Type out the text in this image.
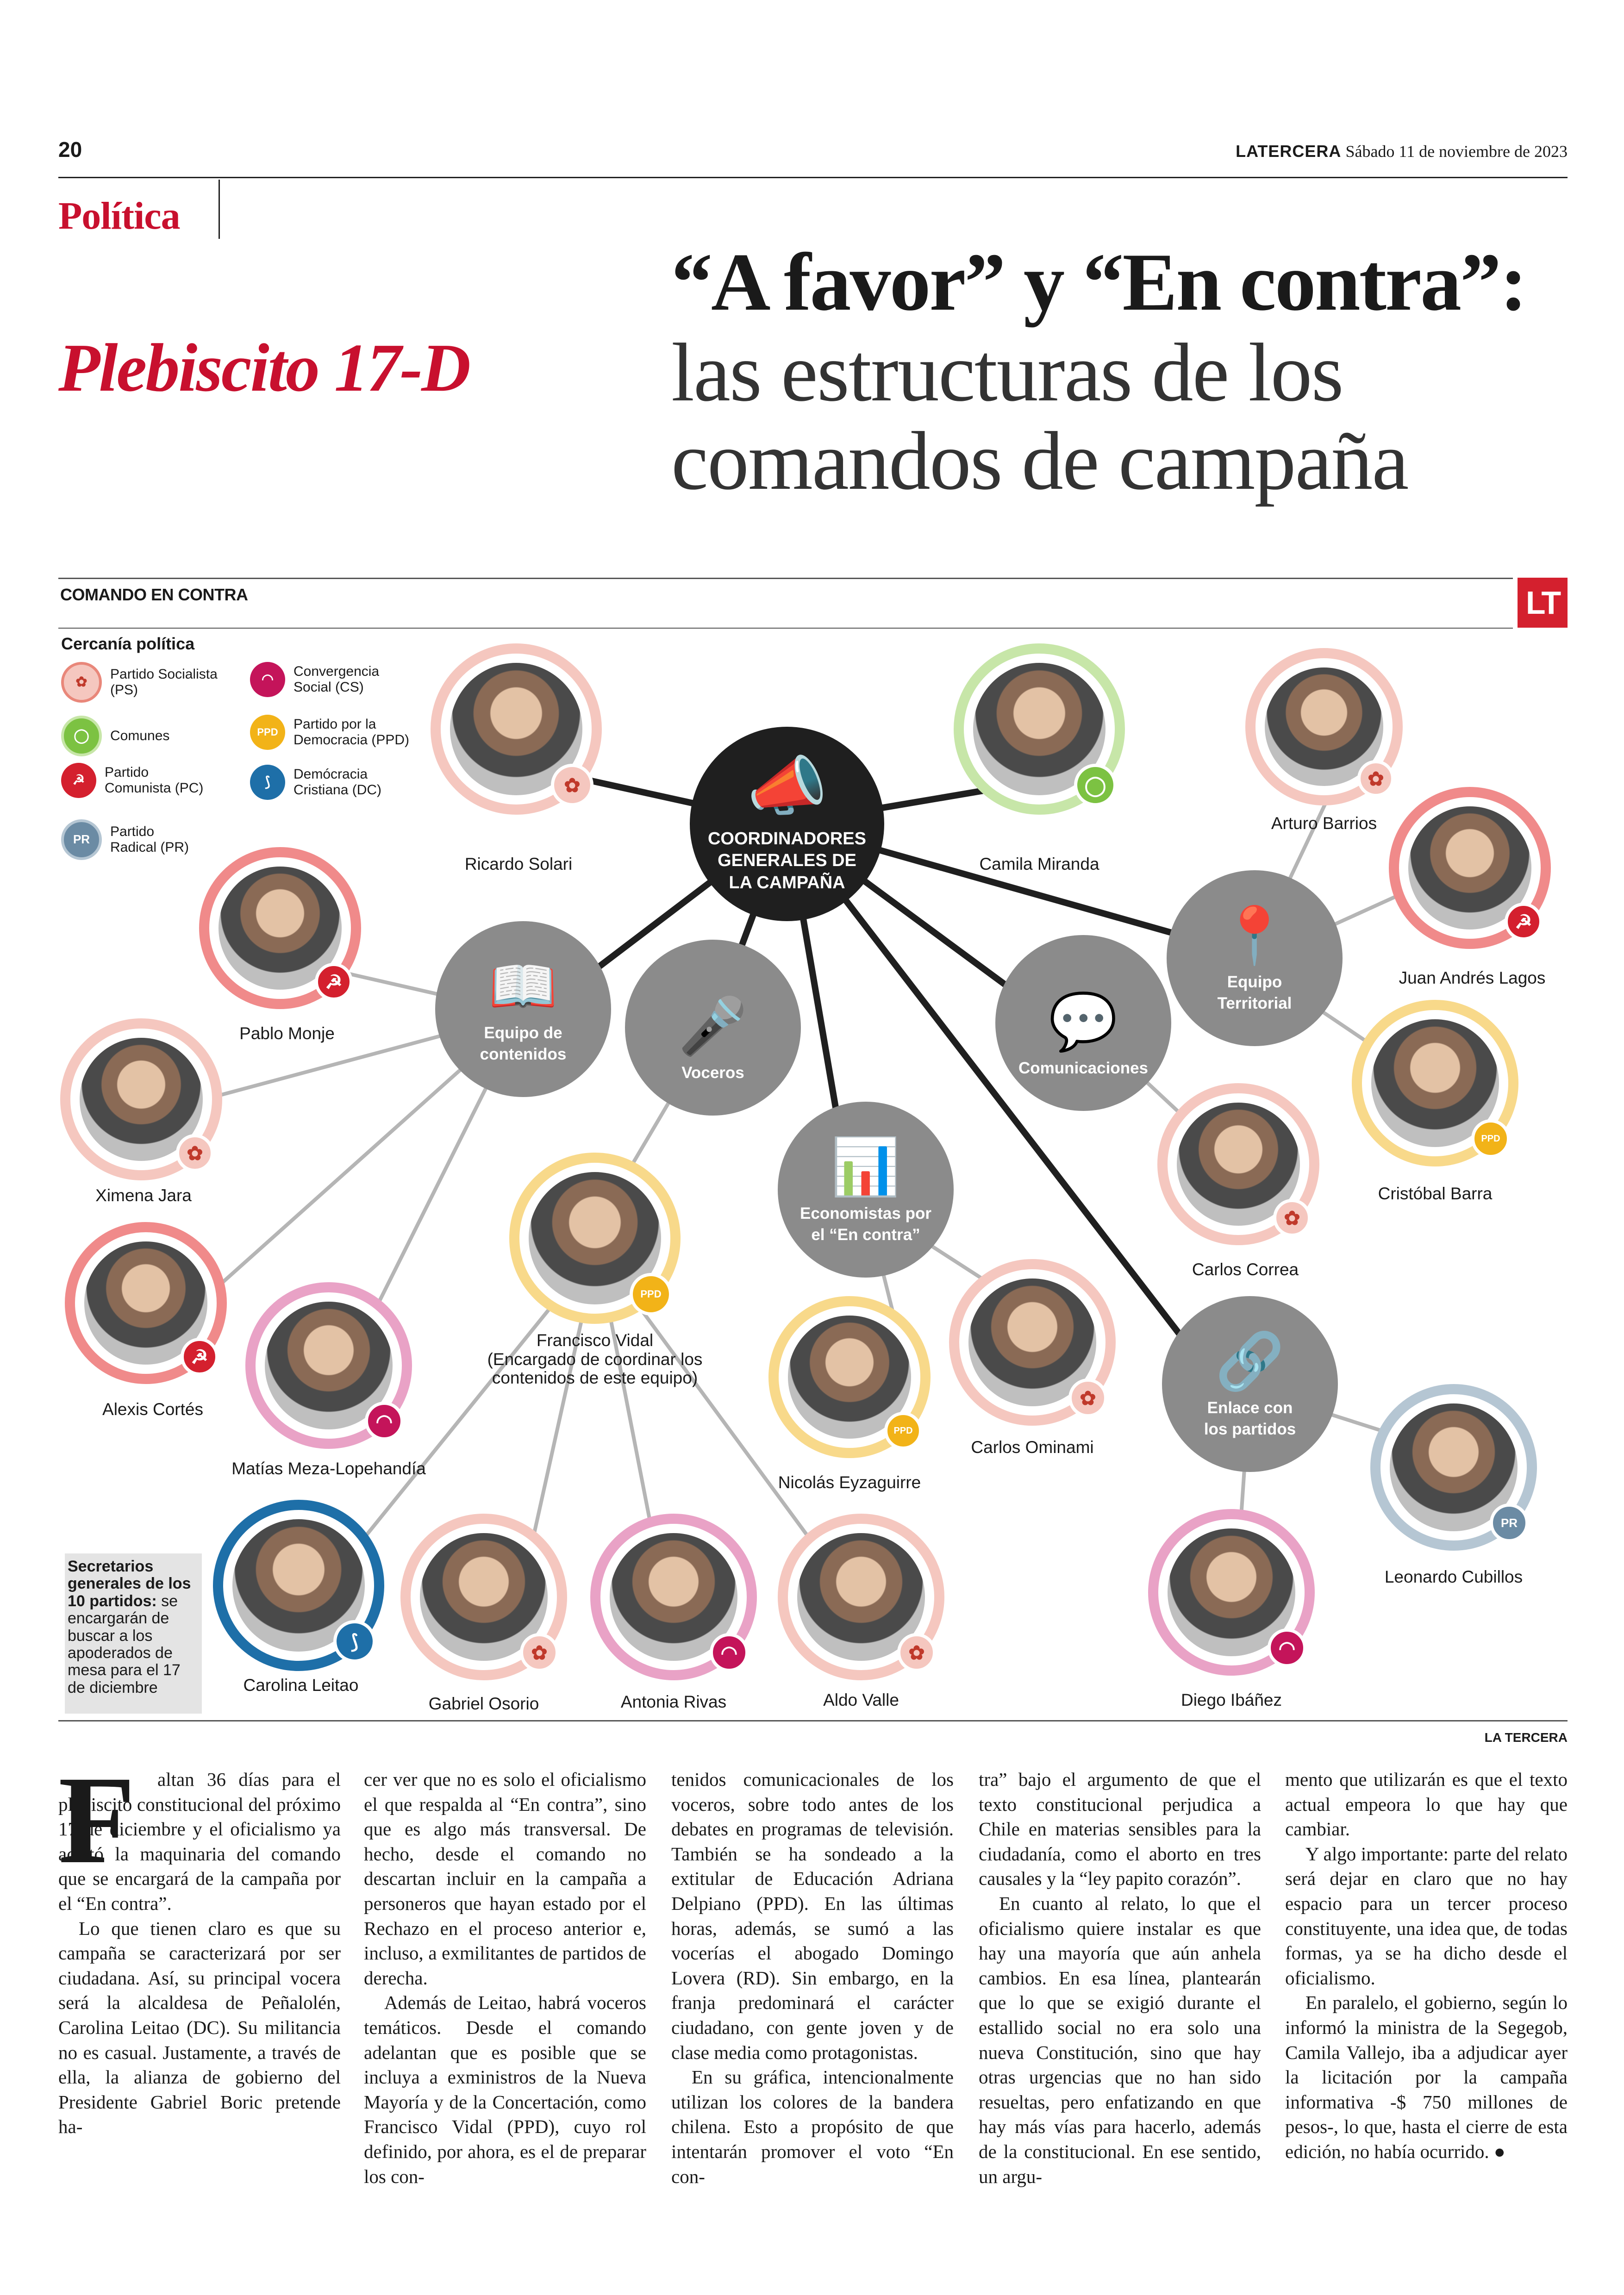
20	LATERCERA Sábado 11 de noviembre de 2023
Política
Plebiscito 17-D
“A favor” y “En contra”:
las estructuras de los
comandos de campaña
COMANDO EN CONTRA	LT
Cercanía política
✿
Partido Socialista
(PS)
◯	Comunes
☭
Partido
Comunista (PC)
PR
Partido
Radical (PR)
◠
Convergencia
Social (CS)
PPD
Partido por la
Democracia (PPD)
⟆
Demócracia
Cristiana (DC)	📣
COORDINADORES
GENERALES DE
LA CAMPAÑA
📖
Equipo de
contenidos 🎤
Voceros
📊
Economistas por
el “En contra”
💬
Comunicaciones
📍
Equipo
Territorial
🔗
Enlace con
los partidos
✿
Ricardo Solari
◯
Camila Miranda
✿
Arturo Barrios
☭
Juan Andrés Lagos
☭
Pablo Monje
✿
Ximena Jara
PPD
Cristóbal Barra
✿
Carlos Correa
PPD
Francisco Vidal
(Encargado de coordinar los
contenidos de este equipo)
☭
Alexis Cortés
◠
Matías Meza-Lopehandía
✿
Carlos Ominami
PPD
Nicolás Eyzaguirre
PR
Leonardo Cubillos
⟆
Carolina Leitao
✿
Gabriel Osorio
◠
Antonia Rivas
✿
Aldo Valle
◠
Diego Ibáñez
Secretarios generales de los 10 partidos: se encargarán de buscar a los apoderados de mesa para el 17 de diciembre
LA TERCERA
F	altan 36 días para el plebiscito constitucional del próximo 17 de diciembre y el oficialismo ya aceitó la maquinaria del comando que se encargará de la campaña por el “En contra”.

Lo que tienen claro es que su campaña se caracterizará por ser ciudadana. Así, su principal vocera será la alcaldesa de Peñalolén, Carolina Leitao (DC). Su militancia no es casual. Justamente, a través de ella, la alianza de gobierno del Presidente Gabriel Boric pretende ha-

cer ver que no es solo el oficialismo el que respalda al “En contra”, sino que es algo más transversal. De hecho, desde el comando no descartan incluir en la campaña a personeros que hayan estado por el Rechazo en el proceso anterior e, incluso, a exmilitantes de partidos de derecha.

Además de Leitao, habrá voceros temáticos. Desde el comando adelantan que es posible que se incluya a exministros de la Nueva Mayoría y de la Concertación, como Francisco Vidal (PPD), cuyo rol definido, por ahora, es el de preparar los con-

tenidos comunicacionales de los voceros, sobre todo antes de los debates en programas de televisión. También se ha sondeado a la extitular de Educación Adriana Delpiano (PPD). En las últimas horas, además, se sumó a las vocerías el abogado Domingo Lovera (RD). Sin embargo, en la franja predominará el carácter ciudadano, con gente joven y de clase media como protagonistas.

En su gráfica, intencionalmente utilizan los colores de la bandera chilena. Esto a propósito de que intentarán promover el voto “En con-

tra” bajo el argumento de que el texto constitucional perjudica a Chile en materias sensibles para la ciudadanía, como el aborto en tres causales y la “ley papito corazón”.

En cuanto al relato, lo que el oficialismo quiere instalar es que hay una mayoría que aún anhela cambios. En esa línea, plantearán que lo que se exigió durante el estallido social no era solo una nueva Constitución, sino que hay otras urgencias que no han sido resueltas, pero enfatizando en que hay más vías para hacerlo, además de la constitucional. En ese sentido, un argu-

mento que utilizarán es que el texto actual empeora lo que hay que cambiar.

Y algo importante: parte del relato será dejar en claro que no hay espacio para un tercer proceso constituyente, una idea que, de todas formas, ya se ha dicho desde el oficialismo.

En paralelo, el gobierno, según lo informó la ministra de la Segegob, Camila Vallejo, iba a adjudicar ayer la licitación por la campaña informativa -$ 750 millones de pesos-, lo que, hasta el cierre de esta edición, no había ocurrido. ●
